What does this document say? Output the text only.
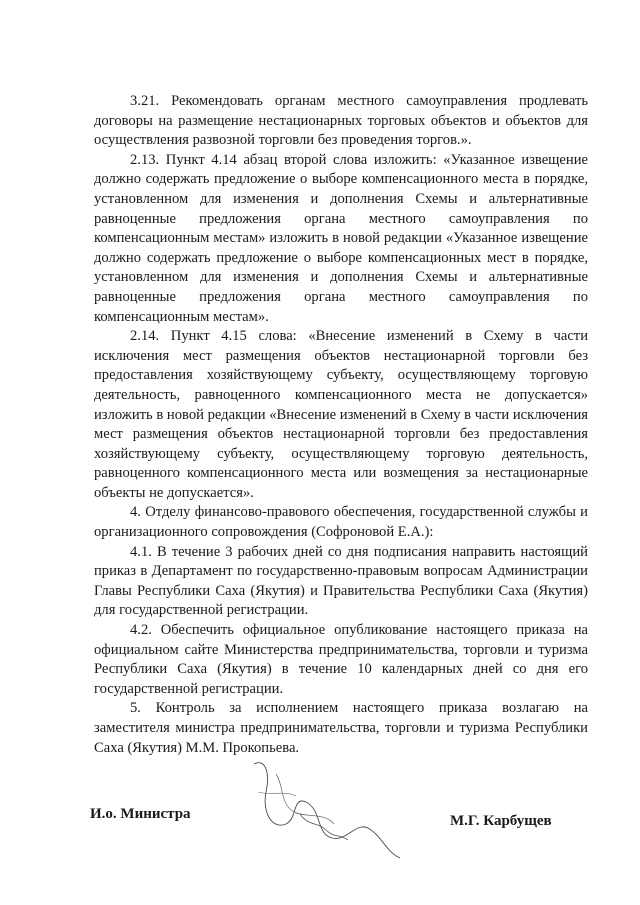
3.21. Рекомендовать органам местного самоуправления продлевать договоры на размещение нестационарных торговых объектов и объектов для осуществления развозной торговли без проведения торгов.».

2.13. Пункт 4.14 абзац второй слова изложить: «Указанное извещение должно содержать предложение о выборе компенсационного места в порядке, установленном для изменения и дополнения Схемы и альтернативные равноценные предложения органа местного самоуправления по компенсационным местам» изложить в новой редакции «Указанное извещение должно содержать предложение о выборе компенсационных мест в порядке, установленном для изменения и дополнения Схемы и альтернативные равноценные предложения органа местного самоуправления по компенсационным местам».

2.14. Пункт 4.15 слова: «Внесение изменений в Схему в части исключения мест размещения объектов нестационарной торговли без предоставления хозяйствующему субъекту, осуществляющему торговую деятельность, равноценного компенсационного места не допускается» изложить в новой редакции «Внесение изменений в Схему в части исключения мест размещения объектов нестационарной торговли без предоставления хозяйствующему субъекту, осуществляющему торговую деятельность, равноценного компенсационного места или возмещения за нестационарные объекты не допускается».

4. Отделу финансово-правового обеспечения, государственной службы и организационного сопровождения (Софроновой Е.А.):

4.1. В течение 3 рабочих дней со дня подписания направить настоящий приказ в Департамент по государственно-правовым вопросам Администрации Главы Республики Саха (Якутия) и Правительства Республики Саха (Якутия) для государственной регистрации.

4.2. Обеспечить официальное опубликование настоящего приказа на официальном сайте Министерства предпринимательства, торговли и туризма Республики Саха (Якутия) в течение 10 календарных дней со дня его государственной регистрации.

5. Контроль за исполнением настоящего приказа возлагаю на заместителя министра предпринимательства, торговли и туризма Республики Саха (Якутия) М.М. Прокопьева.

И.о. Министра	М.Г. Карбущев
